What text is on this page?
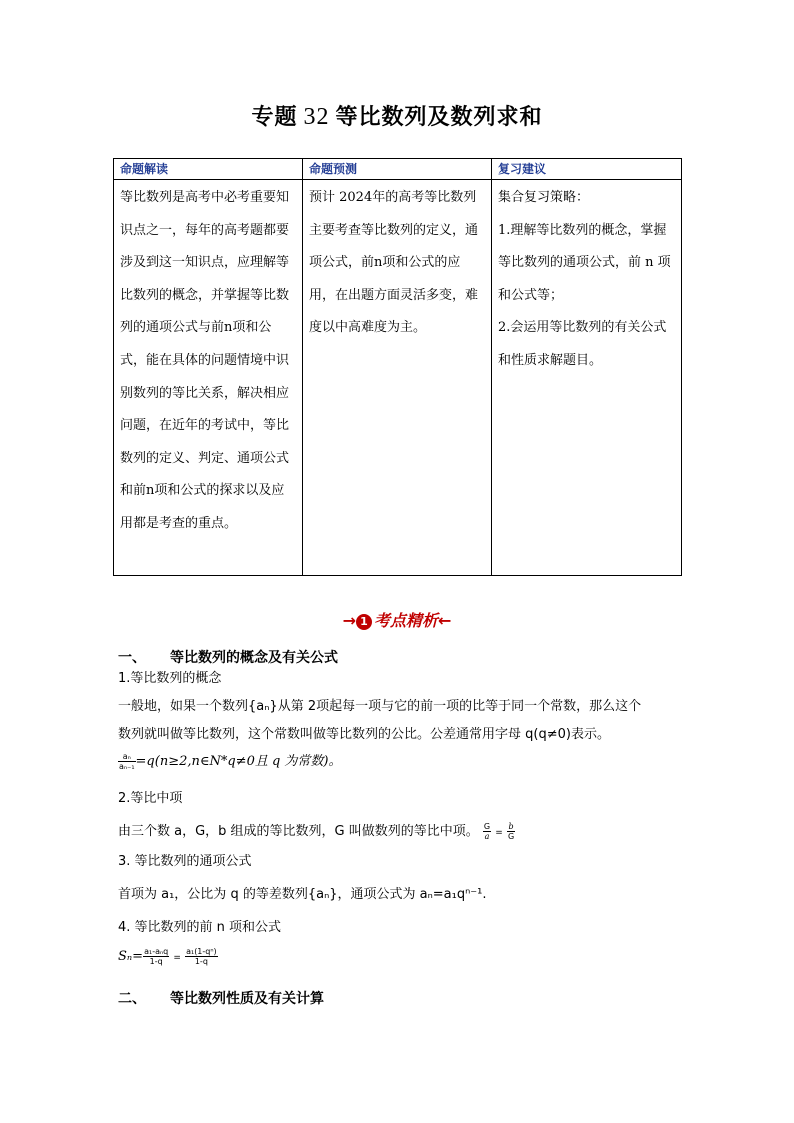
专题 32 等比数列及数列求和
命题解读	命题预测	复习建议
等比数列是高考中必考重要知识点之一，每年的高考题都要涉及到这一知识点，应理解等比数列的概念，并掌握等比数列的通项公式与前n项和公式，能在具体的问题情境中识别数列的等比关系，解决相应问题，在近年的考试中，等比数列的定义、判定、通项公式和前n项和公式的探求以及应用都是考查的重点。	预计 2024年的高考等比数列主要考查等比数列的定义，通项公式，前n项和公式的应用，在出题方面灵活多变，难度以中高难度为主。	集合复习策略：
1.理解等比数列的概念，掌握等比数列的通项公式，前 n 项和公式等；
2.会运用等比数列的有关公式和性质求解题目。
→ 1 考点精析←
一、 等比数列的概念及有关公式
1.等比数列的概念
一般地，如果一个数列{aₙ}从第 2项起每一项与它的前一项的比等于同一个常数，那么这个
数列就叫做等比数列，这个常数叫做等比数列的公比。公差通常用字母 q(q≠0)表示。
$\frac{\text{aₙ}}{\text{aₙ₋₁}}$ =q(n≥2,n∈N*q≠0且 q 为常数)。
2.等比中项
由三个数 a，G，b 组成的等比数列，G 叫做数列的等比中项。 $\frac{G}{a} = \frac{b}{G}$
3. 等比数列的通项公式
首项为 a₁，公比为 q 的等差数列{aₙ}，通项公式为 aₙ=a₁qⁿ⁻¹.
4. 等比数列的前 n 项和公式
$S_n= \frac{\text{a₁-aₙq}}{1-q} = \frac{\text{a₁(1-qⁿ)}}{1-q}$
二、 等比数列性质及有关计算
